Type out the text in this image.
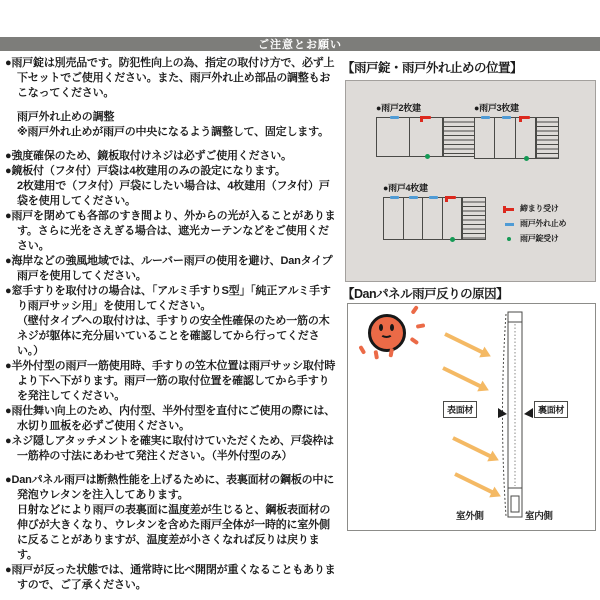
ご注意とお願い

●雨戸錠は別売品です。防犯性向上の為、指定の取付け方で、必ず上下セットでご使用ください。また、雨戸外れ止め部品の調整もおこなってください。

雨戸外れ止めの調整

※雨戸外れ止めが雨戸の中央になるよう調整して、固定します。

●強度確保のため、鏡板取付けネジは必ずご使用ください。

●鏡板付（フタ付）戸袋は4枚建用のみの設定になります。

2枚建用で（フタ付）戸袋にしたい場合は、4枚建用（フタ付）戸袋を使用してください。

●雨戸を閉めても各部のすき間より、外からの光が入ることがあります。さらに光をさえぎる場合は、遮光カーテンなどをご使用ください。

●海岸などの強風地域では、ルーバー雨戸の使用を避け、Danタイプ雨戸を使用してください。

●窓手すりを取付けの場合は、「アルミ手すりS型」「純正アルミ手すり雨戸サッシ用」を使用してください。

（壁付タイプへの取付けは、手すりの安全性確保のため一筋の木ネジが躯体に充分届いていることを確認してから行ってください。）

●半外付型の雨戸一筋使用時、手すりの笠木位置は雨戸サッシ取付時より下へ下がります。雨戸一筋の取付位置を確認してから手すりを発注してください。

●雨仕舞い向上のため、内付型、半外付型を直付にご使用の際には、水切り皿板を必ずご使用ください。

●ネジ隠しアタッチメントを確実に取付けていただくため、戸袋枠は一筋枠の寸法にあわせて発注ください。（半外付型のみ）

●Danパネル雨戸は断熱性能を上げるために、表裏面材の鋼板の中に発泡ウレタンを注入してあります。

日射などにより雨戸の表裏面に温度差が生じると、鋼板表面材の伸びが大きくなり、ウレタンを含めた雨戸全体が一時的に室外側に反ることがありますが、温度差が小さくなれば反りは戻ります。

●雨戸が反った状態では、通常時に比べ開閉が重くなることもありますので、ご了承ください。

【雨戸錠・雨戸外れ止めの位置】
●雨戸2枚建	●雨戸3枚建
●雨戸4枚建
締まり受け
雨戸外れ止め
雨戸錠受け
【Danパネル雨戸反りの原因】
表面材	裏面材
室外側	室内側
